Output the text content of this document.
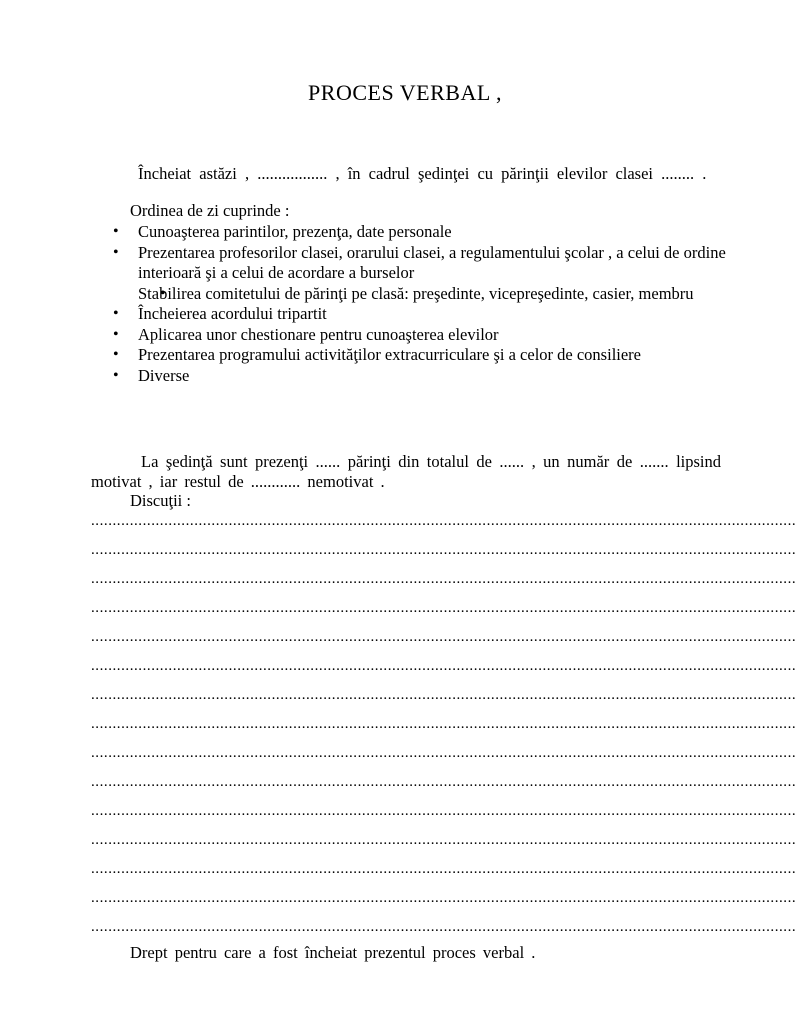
PROCES VERBAL ,
Încheiat astăzi , ................. , în cadrul şedinţei cu părinţii elevilor clasei ........ .
Ordinea de zi cuprinde :
• Cunoaşterea parintilor, prezenţa, date personale
• Prezentarea profesorilor clasei, orarului clasei, a regulamentului şcolar , a celui de ordine interioară şi a celui de acordare a burselor
• Stabilirea comitetului de părinţi pe clasă: preşedinte, vicepreşedinte, casier, membru
• Încheierea acordului tripartit
• Aplicarea unor chestionare pentru cunoaşterea elevilor
• Prezentarea programului activităţilor extracurriculare şi a celor de consiliere
• Diverse
La şedinţă sunt prezenţi ...... părinţi din totalul de ...... , un număr de ....... lipsind motivat , iar restul de ............ nemotivat .
Discuţii :
....................................................................................................................................................................
....................................................................................................................................................................
....................................................................................................................................................................
....................................................................................................................................................................
....................................................................................................................................................................
....................................................................................................................................................................
....................................................................................................................................................................
....................................................................................................................................................................
....................................................................................................................................................................
....................................................................................................................................................................
....................................................................................................................................................................
....................................................................................................................................................................
....................................................................................................................................................................
....................................................................................................................................................................
....................................................................................................................................................................
Drept pentru care a fost încheiat prezentul proces verbal .
